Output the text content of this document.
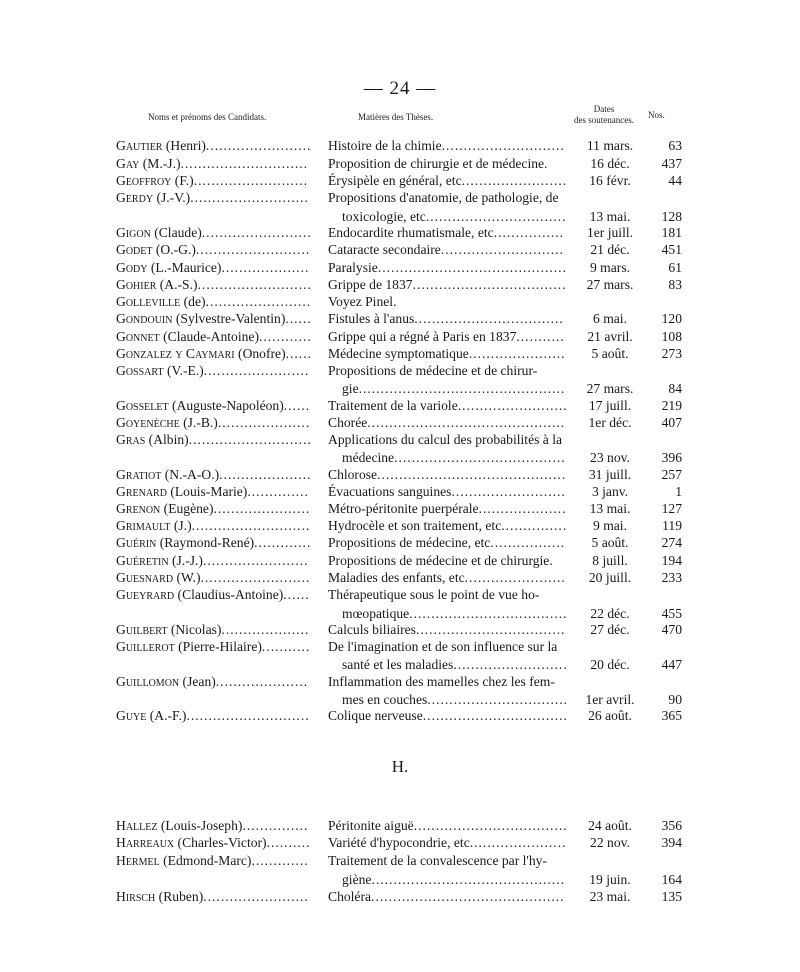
— 24 —
Noms et prénoms des Candidats.	Matières des Thèses.
Dates
des soutenances.	Nos.
H.
Gautier (Henri)........................	Histoire de la chimie............................	11 mars.	63
Gay (M.-J.).............................	Proposition de chirurgie et de médecine.	16 déc.	437
Geoffroy (F.)..........................	Érysipèle en général, etc........................	16 févr.	44
Gerdy (J.-V.)...........................	Propositions d'anatomie, de pathologie, de
toxicologie, etc................................	13 mai.	128
Gigon (Claude).........................	Endocardite rhumatismale, etc................	1er juill.	181
Godet (O.-G.)..........................	Cataracte secondaire............................	21 déc.	451
Gody (L.-Maurice)....................	Paralysie...........................................	9 mars.	61
Gohier (A.-S.)..........................	Grippe de 1837...................................	27 mars.	83
Golleville (de)........................	Voyez Pinel.
Gondouin (Sylvestre-Valentin)......	Fistules à l'anus..................................	6 mai.	120
Gonnet (Claude-Antoine)............	Grippe qui a régné à Paris en 1837...........	21 avril.	108
Gonzalez y Caymari (Onofre)...... Médecine symptomatique......................	5 août.	273
Gossart (V.-E.)........................	Propositions de médecine et de chirur-
gie...............................................	27 mars.	84
Gosselet (Auguste-Napoléon)......	Traitement de la variole.........................	17 juill.	219
Goyenèche (J.-B.).....................	Chorée.............................................	1er déc.	407
Gras (Albin)............................	Applications du calcul des probabilités à la
médecine.......................................	23 nov.	396
Gratiot (N.-A-O.).....................	Chlorose...........................................	31 juill.	257
Grenard (Louis-Marie)..............	Évacuations sanguines..........................	3 janv.	1
Grenon (Eugène)......................	Métro-péritonite puerpérale....................	13 mai.	127
Grimault (J.)...........................	Hydrocèle et son traitement, etc...............	9 mai.	119
Guérin (Raymond-René).............	Propositions de médecine, etc.................	5 août.	274
Guéretin (J.-J.)........................	Propositions de médecine et de chirurgie.	8 juill.	194
Guesnard (W.).........................	Maladies des enfants, etc.......................	20 juill.	233
Gueyrard (Claudius-Antoine)......	Thérapeutique sous le point de vue ho-
mœopatique....................................	22 déc.	455
Guilbert (Nicolas)....................	Calculs biliaires..................................	27 déc.	470
Guillerot (Pierre-Hilaire)...........	De l'imagination et de son influence sur la
santé et les maladies..........................	20 déc.	447
Guillomon (Jean).....................	Inflammation des mamelles chez les fem-
mes en couches................................	1er avril.	90
Guye (A.-F.)............................	Colique nerveuse.................................	26 août.	365
Hallez (Louis-Joseph)...............	Péritonite aiguë...................................	24 août.	356
Harreaux (Charles-Victor)..........	Variété d'hypocondrie, etc......................	22 nov.	394
Hermel (Edmond-Marc).............	Traitement de la convalescence par l'hy-
giène............................................	19 juin.	164
Hirsch (Ruben)........................	Choléra............................................	23 mai.	135
